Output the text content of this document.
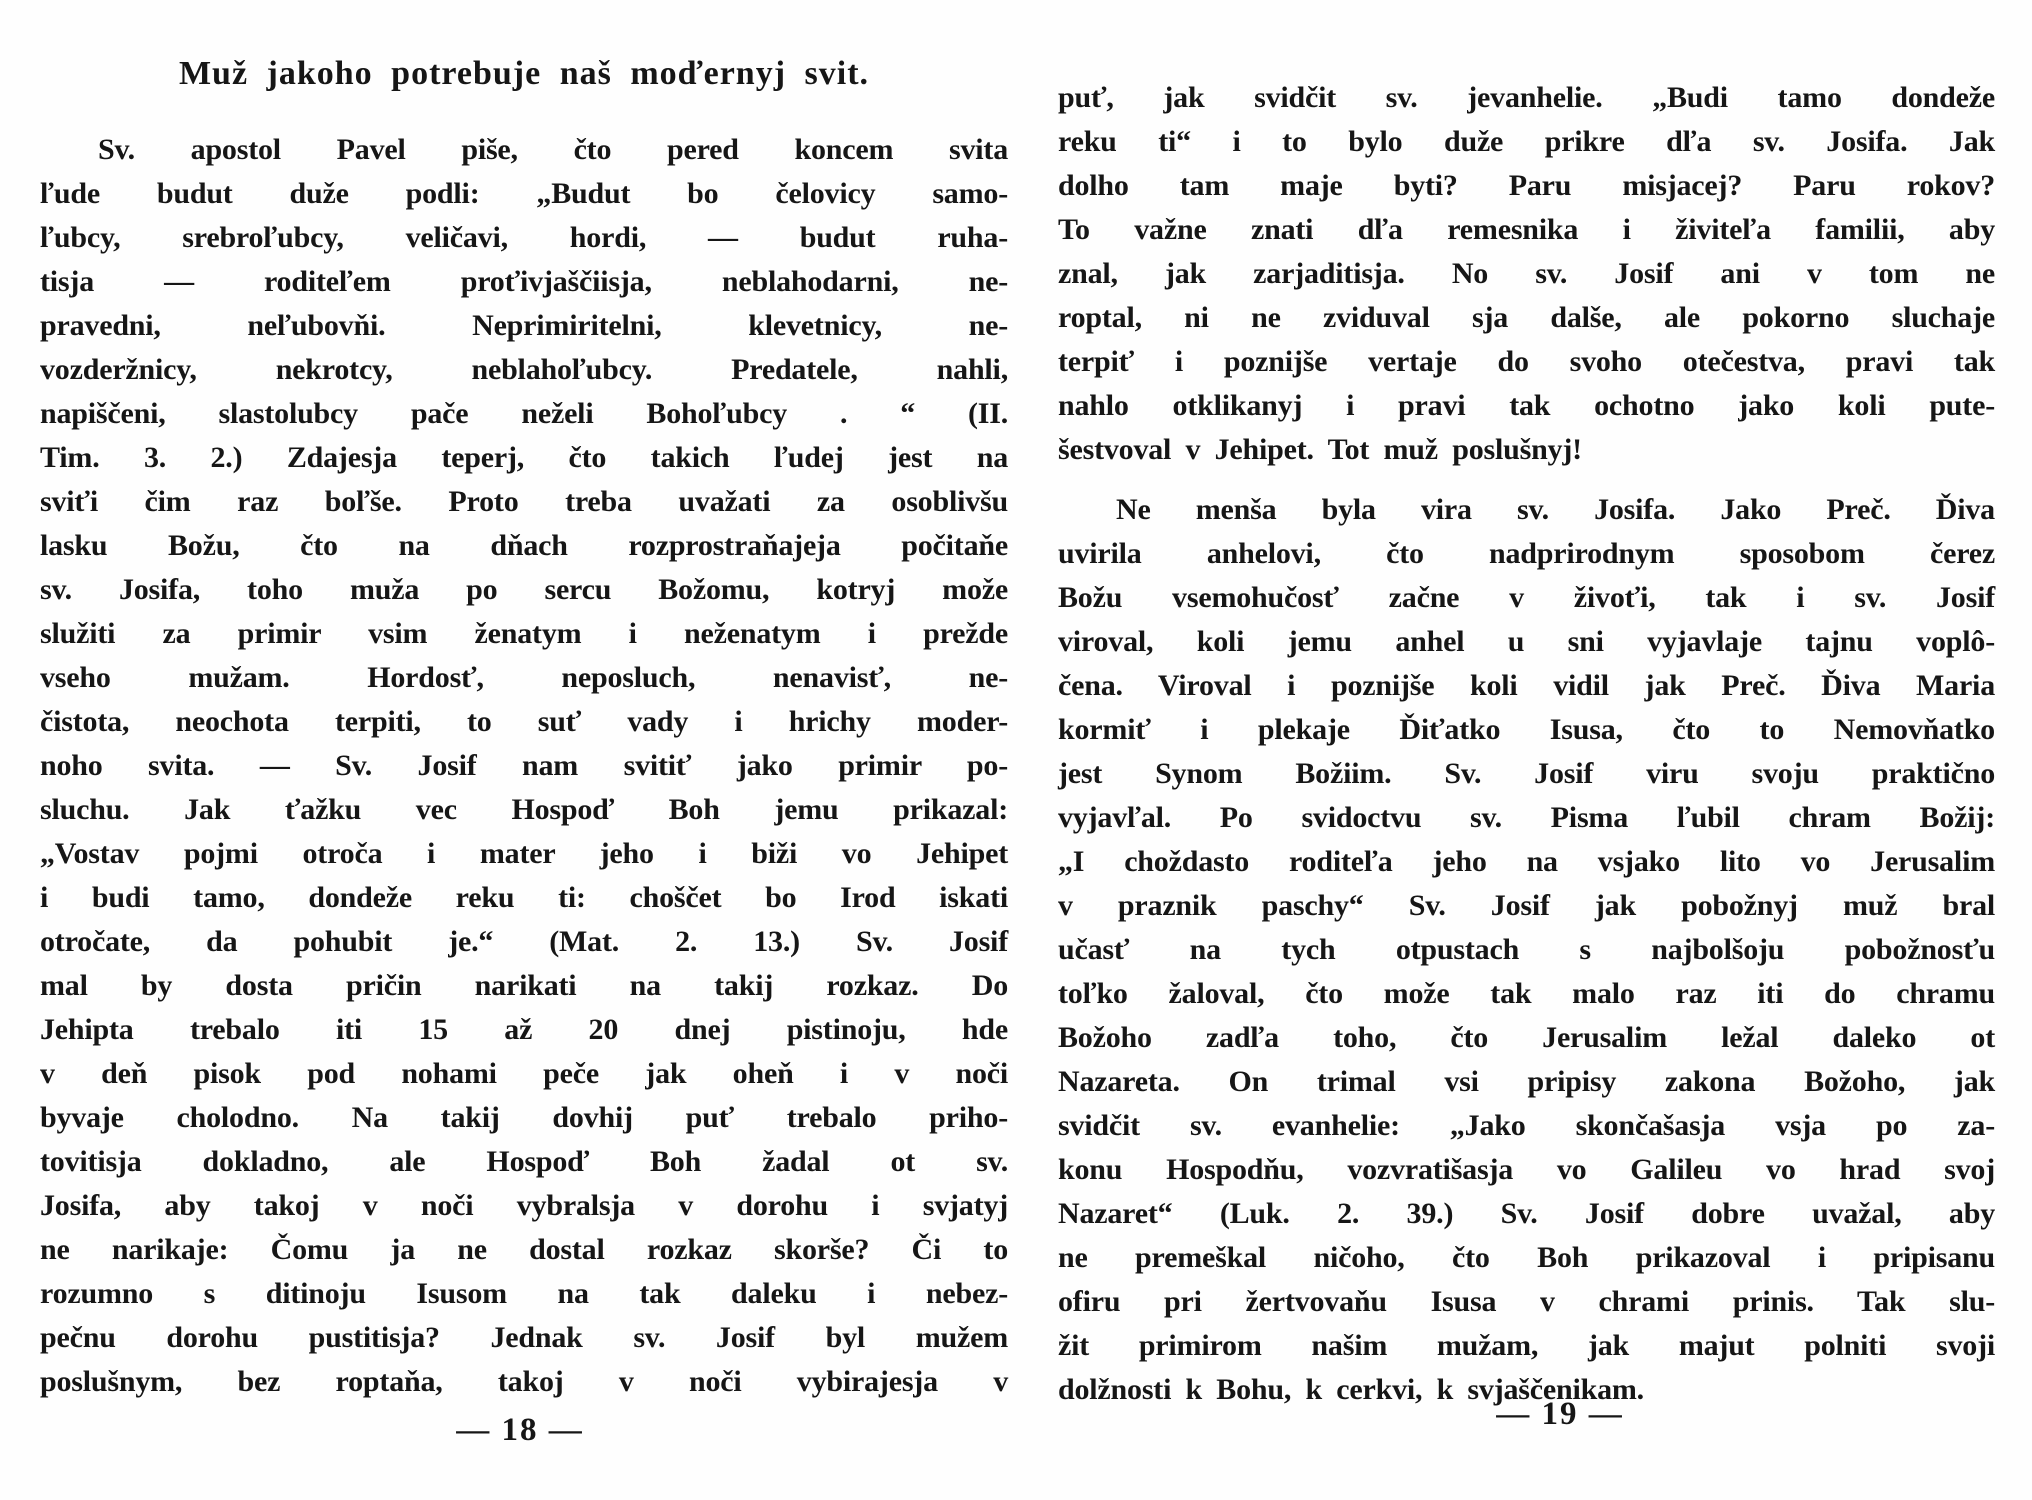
Muž jakoho potrebuje naš moďernyj svit.
Sv. apostol Pavel piše, čto pered koncem svita
ľude budut duže podli: „Budut bo čelovicy samo-
ľubcy, srebroľubcy, veličavi, hordi, — budut ruha-
tisja — roditeľem proťivjaščiisja, neblahodarni, ne-
pravedni, neľubovňi. Neprimiritelni, klevetnicy, ne-
vozderžnicy, nekrotcy, neblahoľubcy. Predatele, nahli,
napiščeni, slastolubcy pače neželi Bohoľubcy . “ (II.
Tim. 3. 2.) Zdajesja teperj, čto takich ľudej jest na
sviťi čim raz boľše. Proto treba uvažati za osoblivšu
lasku Božu, čto na dňach rozprostraňajeja počitaňe
sv. Josifa, toho muža po sercu Božomu, kotryj može
služiti za primir vsim ženatym i neženatym i prežde
vseho mužam. Hordosť, neposluch, nenavisť, ne-
čistota, neochota terpiti, to suť vady i hrichy moder-
noho svita. — Sv. Josif nam svitiť jako primir po-
sluchu. Jak ťažku vec Hospoď Boh jemu prikazal:
„Vostav pojmi otroča i mater jeho i biži vo Jehipet
i budi tamo, dondeže reku ti: choščet bo Irod iskati
otročate, da pohubit je.“ (Mat. 2. 13.) Sv. Josif
mal by dosta pričin narikati na takij rozkaz. Do
Jehipta trebalo iti 15 až 20 dnej pistinoju, hde
v deň pisok pod nohami peče jak oheň i v noči
byvaje cholodno. Na takij dovhij puť trebalo priho-
tovitisja dokladno, ale Hospoď Boh žadal ot sv.
Josifa, aby takoj v noči vybralsja v dorohu i svjatyj
ne narikaje: Čomu ja ne dostal rozkaz skorše? Či to
rozumno s ditinoju Isusom na tak daleku i nebez-
pečnu dorohu pustitisja? Jednak sv. Josif byl mužem
poslušnym, bez roptaňa, takoj v noči vybirajesja v
puť, jak svidčit sv. jevanhelie. „Budi tamo dondeže
reku ti“ i to bylo duže prikre dľa sv. Josifa. Jak
dolho tam maje byti? Paru misjacej? Paru rokov?
To važne znati dľa remesnika i živiteľa familii, aby
znal, jak zarjaditisja. No sv. Josif ani v tom ne
roptal, ni ne zviduval sja dalše, ale pokorno sluchaje
terpiť i poznijše vertaje do svoho otečestva, pravi tak
nahlo otklikanyj i pravi tak ochotno jako koli pute-
šestvoval v Jehipet. Tot muž poslušnyj!
Ne menša byla vira sv. Josifa. Jako Preč. Ďiva
uvirila anhelovi, čto nadprirodnym sposobom čerez
Božu vsemohučosť začne v živoťi, tak i sv. Josif
viroval, koli jemu anhel u sni vyjavlaje tajnu voplô-
čena. Viroval i poznijše koli vidil jak Preč. Ďiva Maria
kormiť i plekaje Ďiťatko Isusa, čto to Nemovňatko
jest Synom Božiim. Sv. Josif viru svoju praktično
vyjavľal. Po svidoctvu sv. Pisma ľubil chram Božij:
„I choždasto roditeľa jeho na vsjako lito vo Jerusalim
v praznik paschy“ Sv. Josif jak pobožnyj muž bral
učasť na tych otpustach s najbolšoju pobožnosťu
toľko žaloval, čto može tak malo raz iti do chramu
Božoho zadľa toho, čto Jerusalim ležal daleko ot
Nazareta. On trimal vsi pripisy zakona Božoho, jak
svidčit sv. evanhelie: „Jako skončašasja vsja po za-
konu Hospodňu, vozvratišasja vo Galileu vo hrad svoj
Nazaret“ (Luk. 2. 39.) Sv. Josif dobre uvažal, aby
ne premeškal ničoho, čto Boh prikazoval i pripisanu
ofiru pri žertvovaňu Isusa v chrami prinis. Tak slu-
žit primirom našim mužam, jak majut polniti svoji
dolžnosti k Bohu, k cerkvi, k svjaščenikam.
— 18 —	— 19 —
